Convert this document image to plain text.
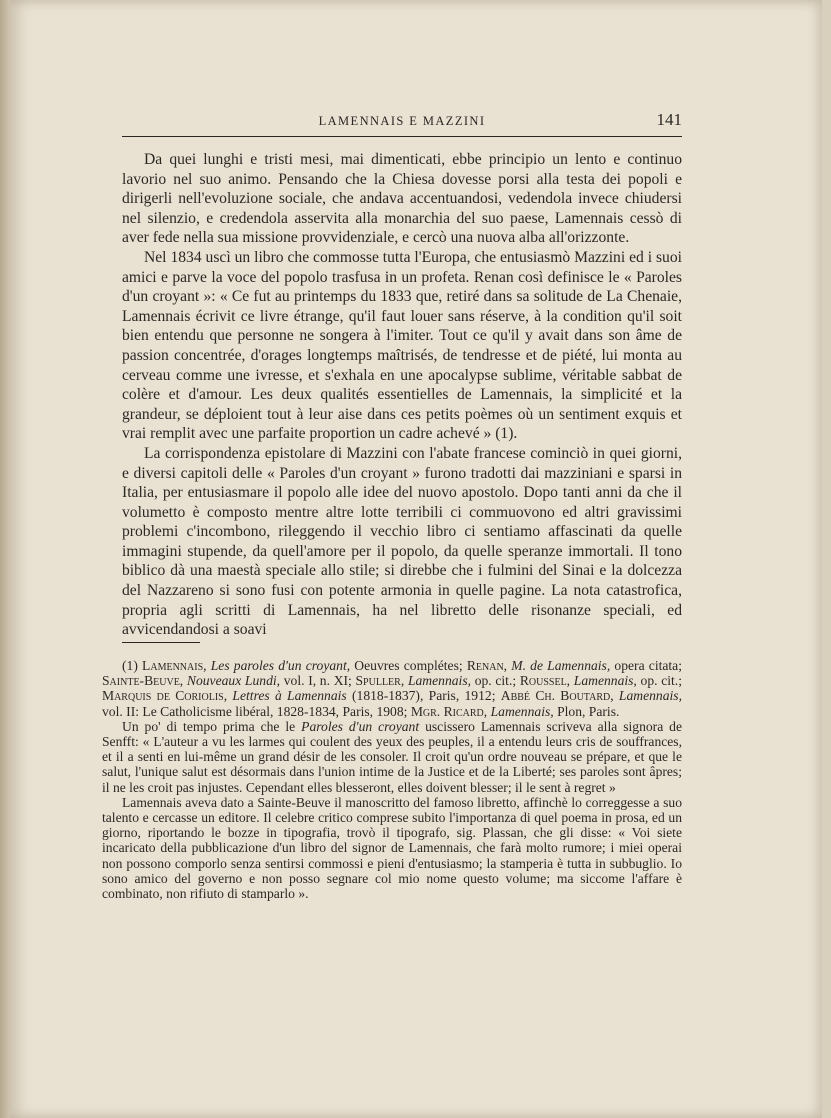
LAMENNAIS E MAZZINI	141

Da quei lunghi e tristi mesi, mai dimenticati, ebbe principio un lento e continuo lavorio nel suo animo. Pensando che la Chiesa dovesse porsi alla testa dei popoli e dirigerli nell'evoluzione sociale, che andava accentuandosi, vedendola invece chiudersi nel silenzio, e credendola asservita alla monarchia del suo paese, Lamennais cessò di aver fede nella sua missione provvidenziale, e cercò una nuova alba all'orizzonte.

Nel 1834 uscì un libro che commosse tutta l'Europa, che entusiasmò Mazzini ed i suoi amici e parve la voce del popolo trasfusa in un profeta. Renan così definisce le « Paroles d'un croyant »: « Ce fut au printemps du 1833 que, retiré dans sa solitude de La Chenaie, Lamennais écrivit ce livre étrange, qu'il faut louer sans réserve, à la condition qu'il soit bien entendu que personne ne songera à l'imiter. Tout ce qu'il y avait dans son âme de passion concentrée, d'orages longtemps maîtrisés, de tendresse et de piété, lui monta au cerveau comme une ivresse, et s'exhala en une apocalypse sublime, véritable sabbat de colère et d'amour. Les deux qualités essentielles de Lamennais, la simplicité et la grandeur, se déploient tout à leur aise dans ces petits poèmes où un sentiment exquis et vrai remplit avec une parfaite proportion un cadre achevé » (1).

La corrispondenza epistolare di Mazzini con l'abate francese cominciò in quei giorni, e diversi capitoli delle « Paroles d'un croyant » furono tradotti dai mazziniani e sparsi in Italia, per entusiasmare il popolo alle idee del nuovo apostolo. Dopo tanti anni da che il volumetto è composto mentre altre lotte terribili ci commuovono ed altri gravissimi problemi c'incombono, rileggendo il vecchio libro ci sentiamo affascinati da quelle immagini stupende, da quell'amore per il popolo, da quelle speranze immortali. Il tono biblico dà una maestà speciale allo stile; si direbbe che i fulmini del Sinai e la dolcezza del Nazzareno si sono fusi con potente armonia in quelle pagine. La nota catastrofica, propria agli scritti di Lamennais, ha nel libretto delle risonanze speciali, ed avvicendandosi a soavi

(1) Lamennais, Les paroles d'un croyant, Oeuvres complétes; Renan, M. de Lamennais, opera citata; Sainte-Beuve, Nouveaux Lundi, vol. I, n. XI; Spuller, Lamennais, op. cit.; Roussel, Lamennais, op. cit.; Marquis de Coriolis, Lettres à Lamennais (1818-1837), Paris, 1912; Abbé Ch. Boutard, Lamennais, vol. II: Le Catholicisme libéral, 1828-1834, Paris, 1908; Mgr. Ricard, Lamennais, Plon, Paris.

Un po' di tempo prima che le Paroles d'un croyant uscissero Lamennais scriveva alla signora de Senfft: « L'auteur a vu les larmes qui coulent des yeux des peuples, il a entendu leurs cris de souffrances, et il a senti en lui-même un grand désir de les consoler. Il croit qu'un ordre nouveau se prépare, et que le salut, l'unique salut est désormais dans l'union intime de la Justice et de la Liberté; ses paroles sont âpres; il ne les croit pas injustes. Cependant elles blesseront, elles doivent blesser; il le sent à regret »

Lamennais aveva dato a Sainte-Beuve il manoscritto del famoso libretto, affinchè lo correggesse a suo talento e cercasse un editore. Il celebre critico comprese subito l'importanza di quel poema in prosa, ed un giorno, riportando le bozze in tipografia, trovò il tipografo, sig. Plassan, che gli disse: « Voi siete incaricato della pubblicazione d'un libro del signor de Lamennais, che farà molto rumore; i miei operai non possono comporlo senza sentirsi commossi e pieni d'entusiasmo; la stamperia è tutta in subbuglio. Io sono amico del governo e non posso segnare col mio nome questo volume; ma siccome l'affare è combinato, non rifiuto di stamparlo ».
